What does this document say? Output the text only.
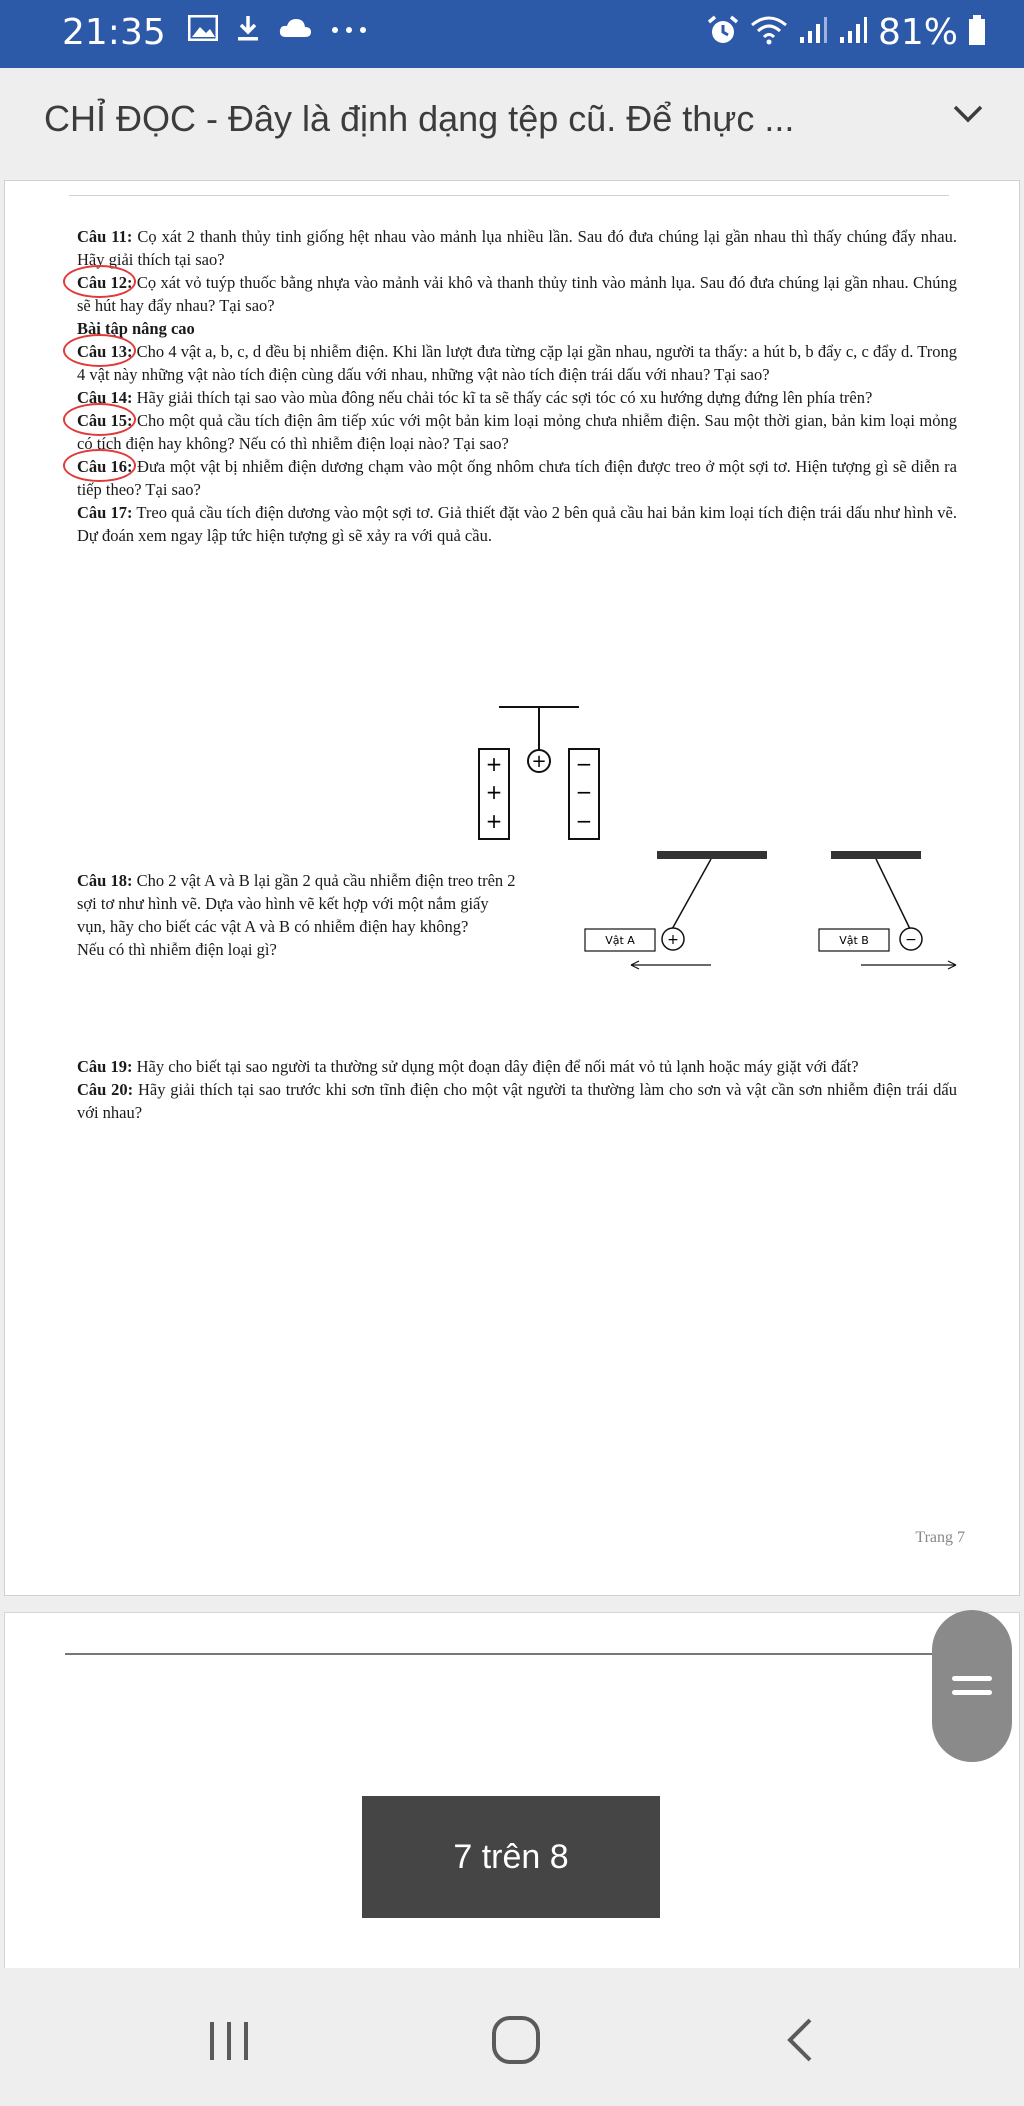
21:35	81%
CHỈ ĐỌC - Đây là định dạng tệp cũ. Để thực ...

Câu 11: Cọ xát 2 thanh thủy tinh giống hệt nhau vào mảnh lụa nhiều lần. Sau đó đưa chúng lại gần nhau thì thấy chúng đẩy nhau. Hãy giải thích tại sao?

Câu 12: Cọ xát vỏ tuýp thuốc bằng nhựa vào mảnh vải khô và thanh thủy tinh vào mảnh lụa. Sau đó đưa chúng lại gần nhau. Chúng sẽ hút hay đẩy nhau? Tại sao?

Bài tập nâng cao

Câu 13: Cho 4 vật a, b, c, d đều bị nhiễm điện. Khi lần lượt đưa từng cặp lại gần nhau, người ta thấy: a hút b, b đẩy c, c đẩy d. Trong 4 vật này những vật nào tích điện cùng dấu với nhau, những vật nào tích điện trái dấu với nhau? Tại sao?

Câu 14: Hãy giải thích tại sao vào mùa đông nếu chải tóc kĩ ta sẽ thấy các sợi tóc có xu hướng dựng đứng lên phía trên?

Câu 15: Cho một quả cầu tích điện âm tiếp xúc với một bản kim loại mỏng chưa nhiễm điện. Sau một thời gian, bản kim loại mỏng có tích điện hay không? Nếu có thì nhiễm điện loại nào? Tại sao?

Câu 16: Đưa một vật bị nhiễm điện dương chạm vào một ống nhôm chưa tích điện được treo ở một sợi tơ. Hiện tượng gì sẽ diễn ra tiếp theo? Tại sao?

Câu 17: Treo quả cầu tích điện dương vào một sợi tơ. Giả thiết đặt vào 2 bên quả cầu hai bản kim loại tích điện trái dấu như hình vẽ. Dự đoán xem ngay lập tức hiện tượng gì sẽ xảy ra với quả cầu.

+
+
+
+
−
−
−

Câu 18: Cho 2 vật A và B lại gần 2 quả cầu nhiễm điện treo trên 2 sợi tơ như hình vẽ. Dựa vào hình vẽ kết hợp với một nắm giấy vụn, hãy cho biết các vật A và B có nhiễm điện hay không?

Nếu có thì nhiễm điện loại gì?	+	−
Vật A	Vật B

Câu 19: Hãy cho biết tại sao người ta thường sử dụng một đoạn dây điện để nối mát vỏ tủ lạnh hoặc máy giặt với đất?

Câu 20: Hãy giải thích tại sao trước khi sơn tĩnh điện cho một vật người ta thường làm cho sơn và vật cần sơn nhiễm điện trái dấu với nhau?

Trang 7
7 trên 8
